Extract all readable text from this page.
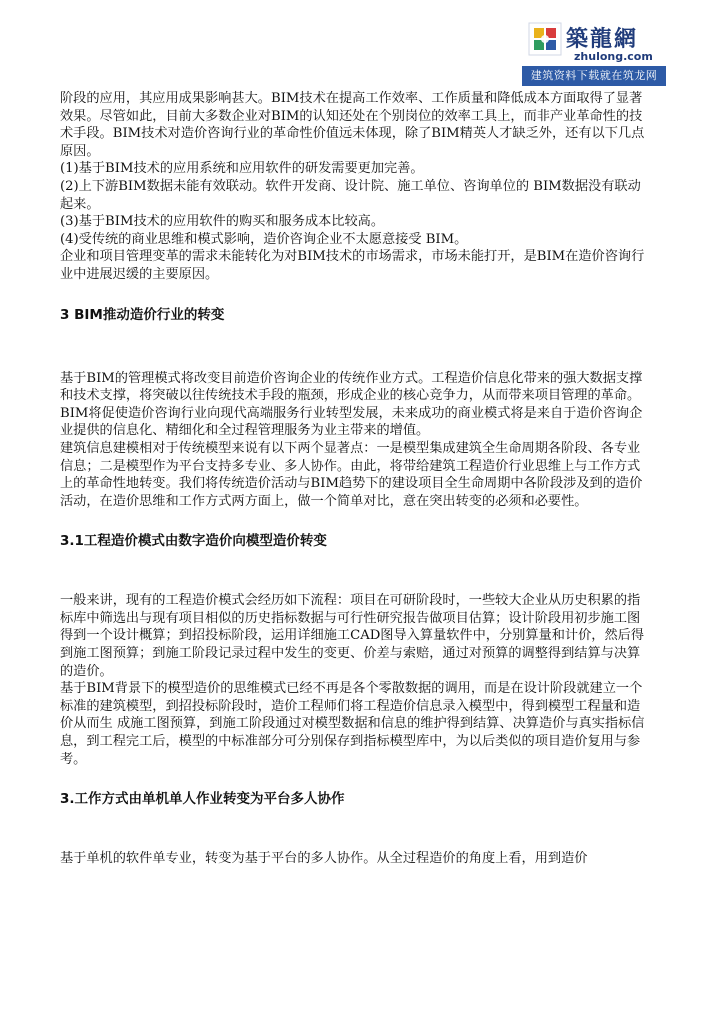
築龍網
zhulong.com
建筑资料下载就在筑龙网

阶段的应用，其应用成果影响甚大。BIM技术在提高工作效率、工作质量和降低成本方面取得了显著效果。尽管如此，目前大多数企业对BIM的认知还处在个别岗位的效率工具上，而非产业革命性的技术手段。BIM技术对造价咨询行业的革命性价值远未体现，除了BIM精英人才缺乏外，还有以下几点原因。

(1)基于BIM技术的应用系统和应用软件的研发需要更加完善。

(2)上下游BIM数据未能有效联动。软件开发商、设计院、施工单位、咨询单位的 BIM数据没有联动起来。

(3)基于BIM技术的应用软件的购买和服务成本比较高。

(4)受传统的商业思维和模式影响，造价咨询企业不太愿意接受 BIM。

企业和项目管理变革的需求未能转化为对BIM技术的市场需求，市场未能打开，是BIM在造价咨询行业中进展迟缓的主要原因。

3 BIM推动造价行业的转变

基于BIM的管理模式将改变目前造价咨询企业的传统作业方式。工程造价信息化带来的强大数据支撑和技术支撑，将突破以往传统技术手段的瓶颈，形成企业的核心竞争力，从而带来项目管理的革命。BIM将促使造价咨询行业向现代高端服务行业转型发展，未来成功的商业模式将是来自于造价咨询企业提供的信息化、精细化和全过程管理服务为业主带来的增值。

建筑信息建模相对于传统模型来说有以下两个显著点：一是模型集成建筑全生命周期各阶段、各专业信息；二是模型作为平台支持多专业、多人协作。由此，将带给建筑工程造价行业思维上与工作方式上的革命性地转变。我们将传统造价活动与BIM趋势下的建设项目全生命周期中各阶段涉及到的造价活动，在造价思维和工作方式两方面上，做一个简单对比，意在突出转变的必须和必要性。

3.1工程造价模式由数字造价向模型造价转变

一般来讲，现有的工程造价模式会经历如下流程：项目在可研阶段时，一些较大企业从历史积累的指标库中筛选出与现有项目相似的历史指标数据与可行性研究报告做项目估算；设计阶段用初步施工图得到一个设计概算；到招投标阶段，运用详细施工CAD图导入算量软件中，分别算量和计价，然后得到施工图预算；到施工阶段记录过程中发生的变更、价差与索赔，通过对预算的调整得到结算与决算的造价。

基于BIM背景下的模型造价的思维模式已经不再是各个零散数据的调用，而是在设计阶段就建立一个标准的建筑模型，到招投标阶段时，造价工程师们将工程造价信息录入模型中，得到模型工程量和造价从而生 成施工图预算，到施工阶段通过对模型数据和信息的维护得到结算、决算造价与真实指标信息，到工程完工后，模型的中标准部分可分别保存到指标模型库中，为以后类似的项目造价复用与参考。

3.工作方式由单机单人作业转变为平台多人协作

基于单机的软件单专业，转变为基于平台的多人协作。从全过程造价的角度上看，用到造价
